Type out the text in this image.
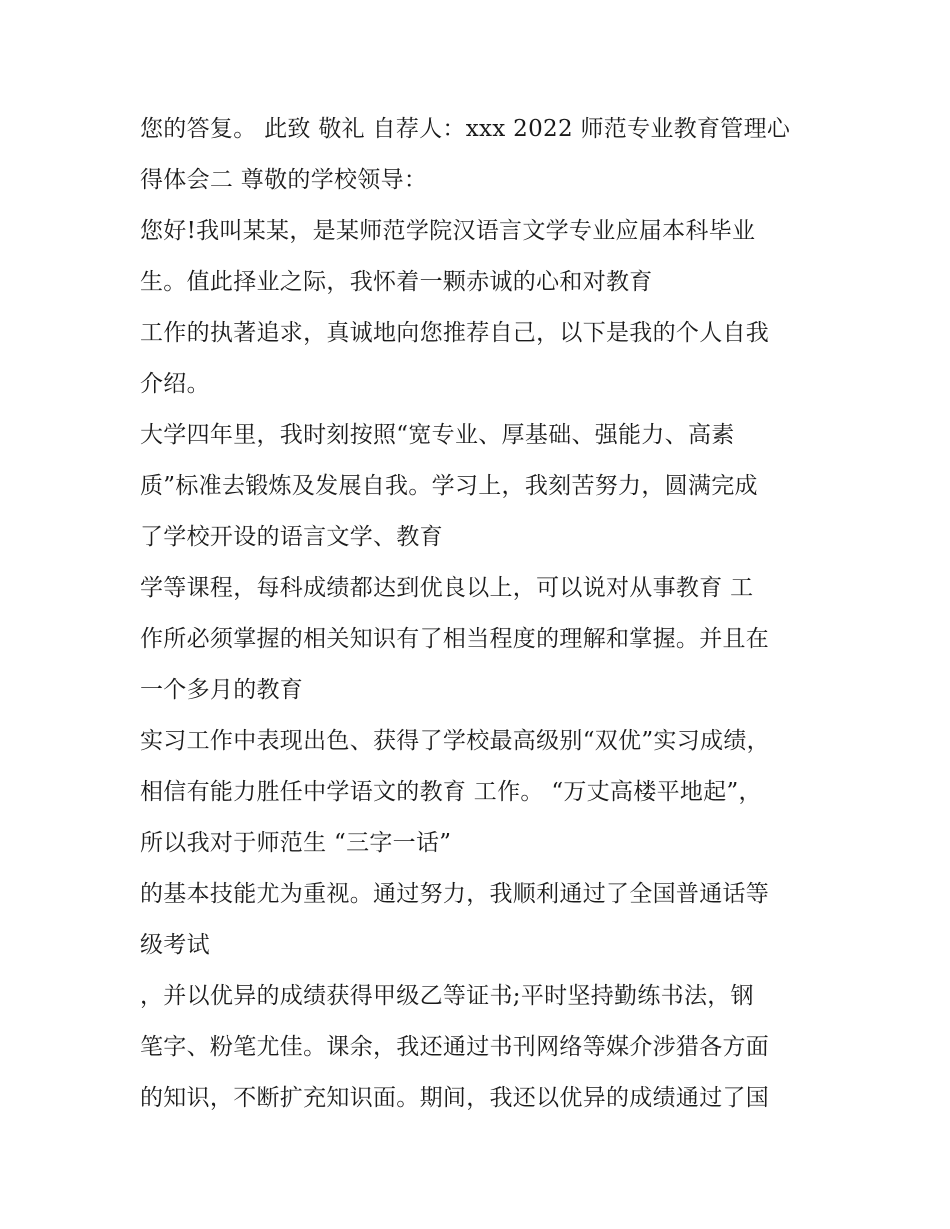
您的答复。 此致 敬礼 自荐人：xxx 2022 师范专业教育管理心
得体会二 尊敬的学校领导：
您好!我叫某某，是某师范学院汉语言文学专业应届本科毕业
生。值此择业之际，我怀着一颗赤诚的心和对教育
工作的执著追求，真诚地向您推荐自己，以下是我的个人自我
介绍。
大学四年里，我时刻按照“宽专业、厚基础、强能力、高素
质”标准去锻炼及发展自我。学习上，我刻苦努力，圆满完成
了学校开设的语言文学、教育
学等课程，每科成绩都达到优良以上，可以说对从事教育 工
作所必须掌握的相关知识有了相当程度的理解和掌握。并且在
一个多月的教育
实习工作中表现出色、获得了学校最高级别“双优”实习成绩，
相信有能力胜任中学语文的教育 工作。 “万丈高楼平地起”，
所以我对于师范生 “三字一话”
的基本技能尤为重视。通过努力，我顺利通过了全国普通话等
级考试
，并以优异的成绩获得甲级乙等证书;平时坚持勤练书法，钢
笔字、粉笔尤佳。课余，我还通过书刊网络等媒介涉猎各方面
的知识，不断扩充知识面。期间，我还以优异的成绩通过了国
